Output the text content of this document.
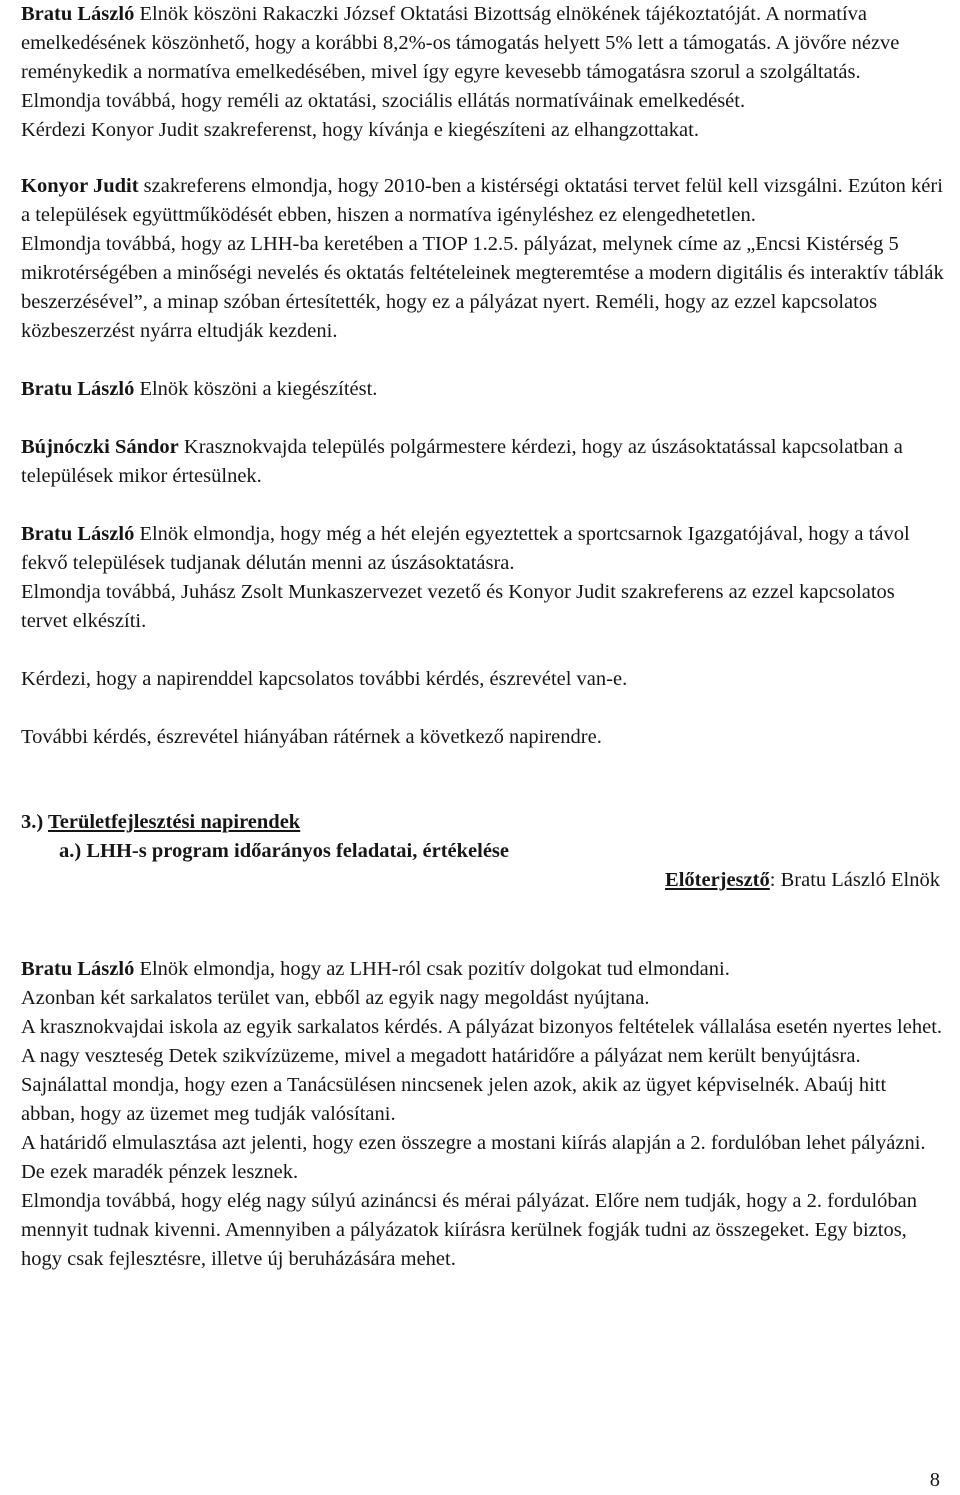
Bratu László Elnök köszöni Rakaczki József Oktatási Bizottság elnökének tájékoztatóját. A normatíva emelkedésének köszönhető, hogy a korábbi 8,2%-os támogatás helyett 5% lett a támogatás. A jövőre nézve reménykedik a normatíva emelkedésében, mivel így egyre kevesebb támogatásra szorul a szolgáltatás.

Elmondja továbbá, hogy reméli az oktatási, szociális ellátás normatíváinak emelkedését.

Kérdezi Konyor Judit szakreferenst, hogy kívánja e kiegészíteni az elhangzottakat.

Konyor Judit szakreferens elmondja, hogy 2010-ben a kistérségi oktatási tervet felül kell vizsgálni. Ezúton kéri a települések együttműködését ebben, hiszen a normatíva igényléshez ez elengedhetetlen.

Elmondja továbbá, hogy az LHH-ba keretében a TIOP 1.2.5. pályázat, melynek címe az „Encsi Kistérség 5 mikrotérségében a minőségi nevelés és oktatás feltételeinek megteremtése a modern digitális és interaktív táblák beszerzésével”, a minap szóban értesítették, hogy ez a pályázat nyert. Reméli, hogy az ezzel kapcsolatos közbeszerzést nyárra eltudják kezdeni.

Bratu László Elnök köszöni a kiegészítést.

Bújnóczki Sándor Krasznokvajda település polgármestere kérdezi, hogy az úszásoktatással kapcsolatban a települések mikor értesülnek.

Bratu László Elnök elmondja, hogy még a hét elején egyeztettek a sportcsarnok Igazgatójával, hogy a távol fekvő települések tudjanak délután menni az úszásoktatásra.

Elmondja továbbá, Juhász Zsolt Munkaszervezet vezető és Konyor Judit szakreferens az ezzel kapcsolatos tervet elkészíti.

Kérdezi, hogy a napirenddel kapcsolatos további kérdés, észrevétel van-e.

További kérdés, észrevétel hiányában rátérnek a következő napirendre.

3.) Területfejlesztési napirendek

a.) LHH-s program időarányos feladatai, értékelése

Előterjesztő: Bratu László Elnök

Bratu László Elnök elmondja, hogy az LHH-ról csak pozitív dolgokat tud elmondani.

Azonban két sarkalatos terület van, ebből az egyik nagy megoldást nyújtana.

A krasznokvajdai iskola az egyik sarkalatos kérdés. A pályázat bizonyos feltételek vállalása esetén nyertes lehet.

A nagy veszteség Detek szikvízüzeme, mivel a megadott határidőre a pályázat nem került benyújtásra.

Sajnálattal mondja, hogy ezen a Tanácsülésen nincsenek jelen azok, akik az ügyet képviselnék. Abaúj hitt abban, hogy az üzemet meg tudják valósítani.

A határidő elmulasztása azt jelenti, hogy ezen összegre a mostani kiírás alapján a 2. fordulóban lehet pályázni. De ezek maradék pénzek lesznek.

Elmondja továbbá, hogy elég nagy súlyú azináncsi és mérai pályázat. Előre nem tudják, hogy a 2. fordulóban mennyit tudnak kivenni. Amennyiben a pályázatok kiírásra kerülnek fogják tudni az összegeket. Egy biztos, hogy csak fejlesztésre, illetve új beruházására mehet.

8
